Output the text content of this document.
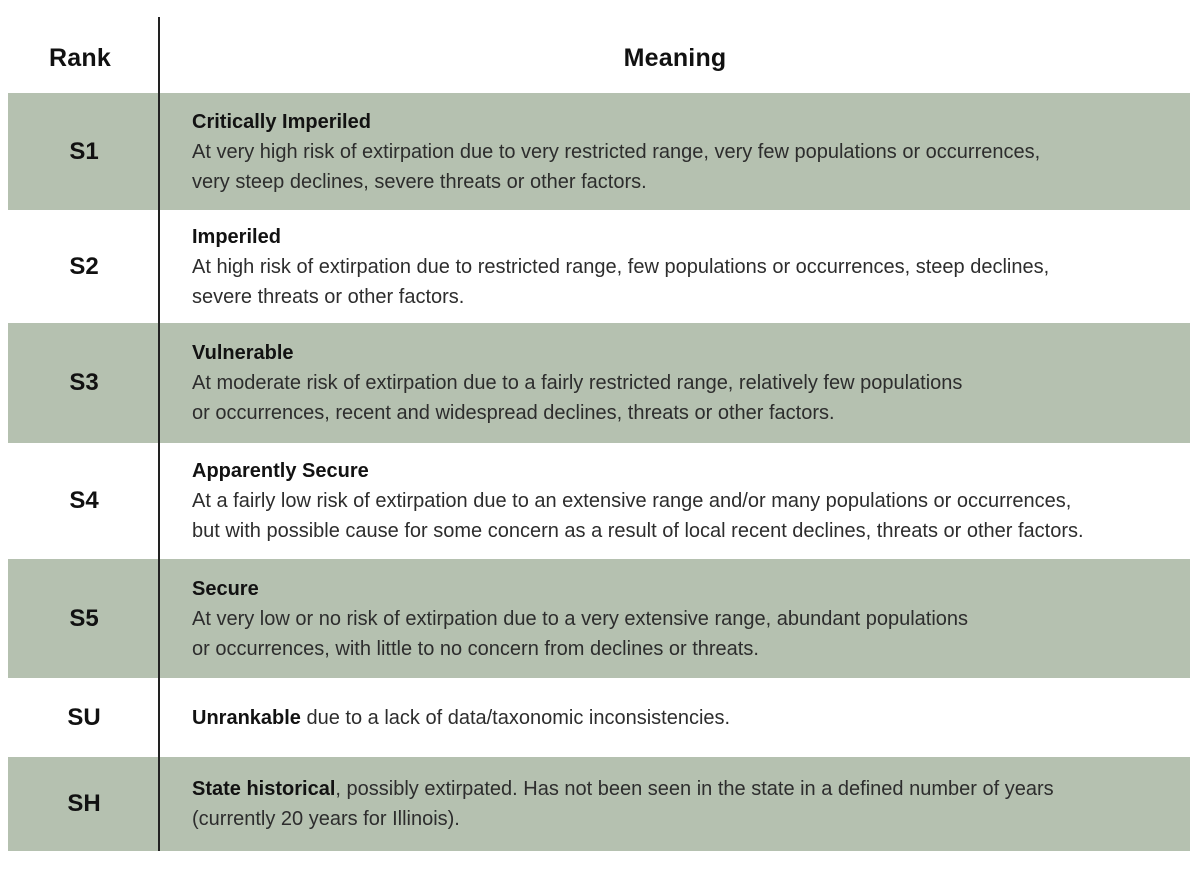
Rank	Meaning
S1
Critically Imperiled
At very high risk of extirpation due to very restricted range, very few populations or occurrences,
very steep declines, severe threats or other factors.
S2
Imperiled
At high risk of extirpation due to restricted range, few populations or occurrences, steep declines,
severe threats or other factors.
S3
Vulnerable
At moderate risk of extirpation due to a fairly restricted range, relatively few populations
or occurrences, recent and widespread declines, threats or other factors.
S4
Apparently Secure
At a fairly low risk of extirpation due to an extensive range and/or many populations or occurrences,
but with possible cause for some concern as a result of local recent declines, threats or other factors.
S5
Secure
At very low or no risk of extirpation due to a very extensive range, abundant populations
or occurrences, with little to no concern from declines or threats.
SU	Unrankable due to a lack of data/taxonomic inconsistencies.
SH
State historical, possibly extirpated. Has not been seen in the state in a defined number of years
(currently 20 years for Illinois).
